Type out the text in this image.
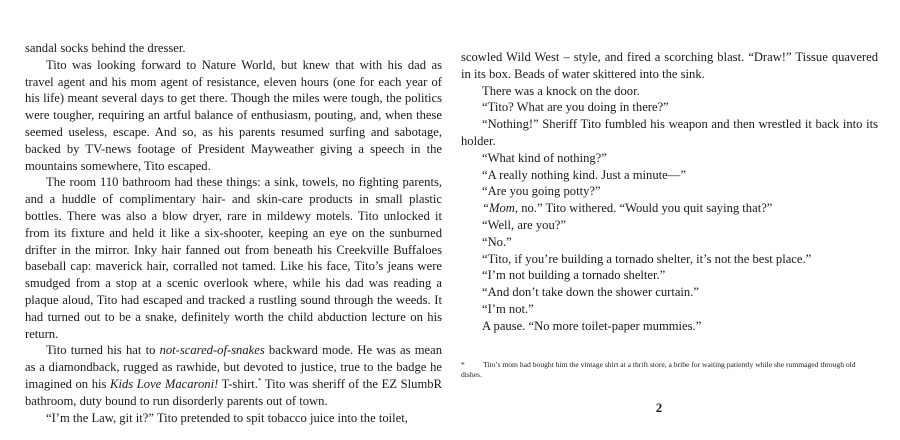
sandal socks behind the dresser.

Tito was looking forward to Nature World, but knew that with his dad as travel agent and his mom agent of resistance, eleven hours (one for each year of his life) meant several days to get there. Though the miles were tough, the politics were tougher, requiring an artful balance of enthusiasm, pouting, and, when these seemed useless, escape. And so, as his parents resumed surfing and sabotage, backed by TV-news footage of President Mayweather giving a speech in the mountains somewhere, Tito escaped.

The room 110 bathroom had these things: a sink, towels, no fighting parents, and a huddle of complimentary hair- and skin-care products in small plastic bottles. There was also a blow dryer, rare in mildewy motels. Tito unlocked it from its fixture and held it like a six-shooter, keeping an eye on the sunburned drifter in the mirror. Inky hair fanned out from beneath his Creekville Buffaloes baseball cap: maverick hair, corralled not tamed. Like his face, Tito’s jeans were smudged from a stop at a scenic overlook where, while his dad was reading a plaque aloud, Tito had escaped and tracked a rustling sound through the weeds. It had turned out to be a snake, definitely worth the child abduction lecture on his return.

Tito turned his hat to not-scared-of-snakes backward mode. He was as mean as a diamondback, rugged as rawhide, but devoted to justice, true to the badge he imagined on his Kids Love Macaroni! T-shirt.* Tito was sheriff of the EZ SlumbR bathroom, duty bound to run disorderly parents out of town.

“I’m the Law, git it?” Tito pretended to spit tobacco juice into the toilet,

scowled Wild West – style, and fired a scorching blast. “Draw!” Tissue quavered in its box. Beads of water skittered into the sink.

There was a knock on the door.

“Tito? What are you doing in there?”

“Nothing!” Sheriff Tito fumbled his weapon and then wrestled it back into its holder.

“What kind of nothing?”

“A really nothing kind. Just a minute—”

“Are you going potty?”

“Mom, no.” Tito withered. “Would you quit saying that?”

“Well, are you?”

“No.”

“Tito, if you’re building a tornado shelter, it’s not the best place.”

“I’m not building a tornado shelter.”

“And don’t take down the shower curtain.”

“I’m not.”

A pause. “No more toilet-paper mummies.”

* Tito’s mom had bought him the vintage shirt at a thrift store, a bribe for waiting patiently while she rummaged through old dishes.
2
